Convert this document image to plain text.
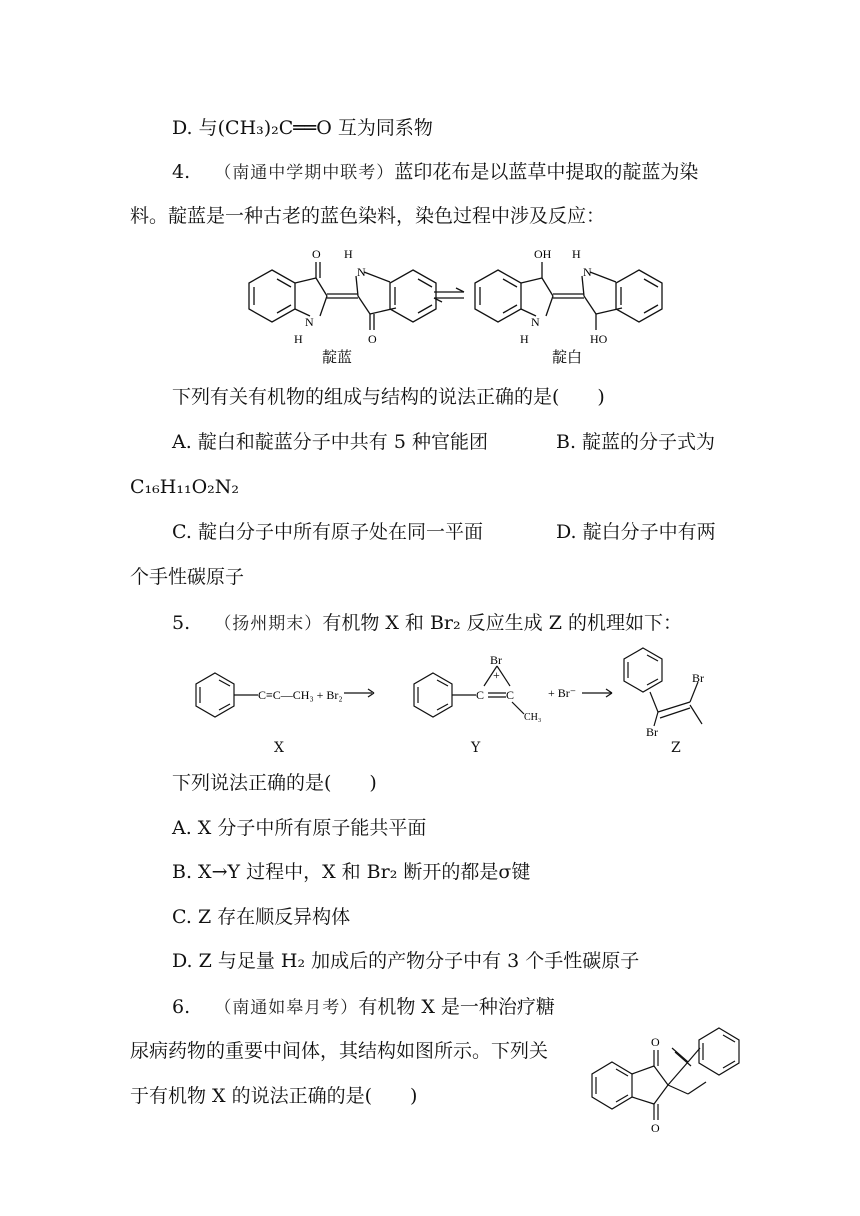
D. 与(CH₃)₂C══O 互为同系物
4. （南通中学期中联考）蓝印花布是以蓝草中提取的靛蓝为染
料。靛蓝是一种古老的蓝色染料，染色过程中涉及反应：
O H
N
N
H	O
OH H
N
N
H	HO
靛蓝	靛白
下列有关有机物的组成与结构的说法正确的是(　　)
A. 靛白和靛蓝分子中共有 5 种官能团	B. 靛蓝的分子式为
C₁₆H₁₁O₂N₂
C. 靛白分子中所有原子处在同一平面	D. 靛白分子中有两
个手性碳原子
5. （扬州期末）有机物 X 和 Br₂ 反应生成 Z 的机理如下：
C≡C—CH₃ + Br₂	C C
Br
+
CH₃
+ Br⁻
Br
Br
X	Y	Z
下列说法正确的是(　　)
A. X 分子中所有原子能共平面
B. X→Y 过程中，X 和 Br₂ 断开的都是σ键
C. Z 存在顺反异构体
D. Z 与足量 H₂ 加成后的产物分子中有 3 个手性碳原子
6. （南通如皋月考）有机物 X 是一种治疗糖
尿病药物的重要中间体，其结构如图所示。下列关
于有机物 X 的说法正确的是(　　)
O
O
